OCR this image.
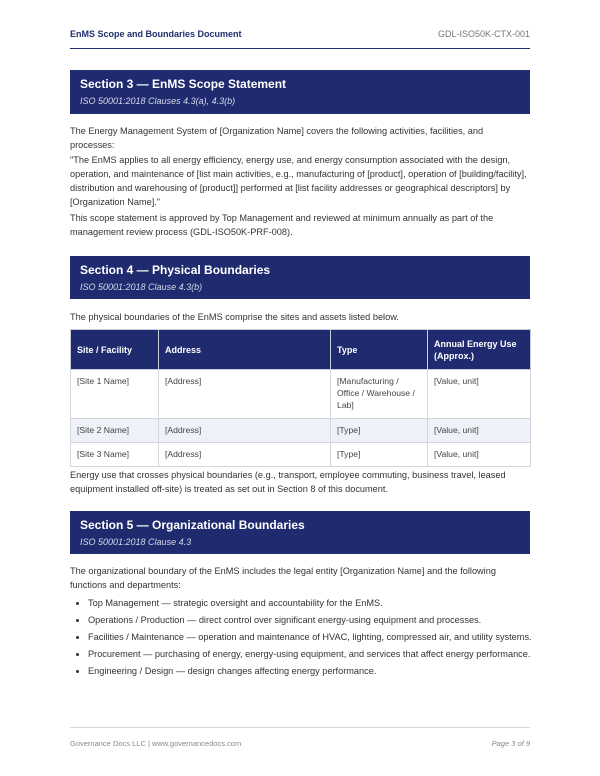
EnMS Scope and Boundaries Document	GDL-ISO50K-CTX-001
Section 3 — EnMS Scope Statement
ISO 50001:2018 Clauses 4.3(a), 4.3(b)

The Energy Management System of [Organization Name] covers the following activities, facilities, and processes:

"The EnMS applies to all energy efficiency, energy use, and energy consumption associated with the design, operation, and maintenance of [list main activities, e.g., manufacturing of [product], operation of [building/facility], distribution and warehousing of [product]] performed at [list facility addresses or geographical descriptors] by [Organization Name]."

This scope statement is approved by Top Management and reviewed at minimum annually as part of the management review process (GDL-ISO50K-PRF-008).

Section 4 — Physical Boundaries
ISO 50001:2018 Clause 4.3(b)

The physical boundaries of the EnMS comprise the sites and assets listed below.

Site / Facility	Address	Type	Annual Energy Use (Approx.)
[Site 1 Name]	[Address]	[Manufacturing / Office / Warehouse / Lab]	[Value, unit]
[Site 2 Name]	[Address]	[Type]	[Value, unit]
[Site 3 Name]	[Address]	[Type]	[Value, unit]

Energy use that crosses physical boundaries (e.g., transport, employee commuting, business travel, leased equipment installed off-site) is treated as set out in Section 8 of this document.

Section 5 — Organizational Boundaries
ISO 50001:2018 Clause 4.3

The organizational boundary of the EnMS includes the legal entity [Organization Name] and the following functions and departments:

• Top Management — strategic oversight and accountability for the EnMS.
• Operations / Production — direct control over significant energy-using equipment and processes.
• Facilities / Maintenance — operation and maintenance of HVAC, lighting, compressed air, and utility systems.
• Procurement — purchasing of energy, energy-using equipment, and services that affect energy performance.
• Engineering / Design — design changes affecting energy performance.
Governance Docs LLC | www.governancedocs.com	Page 3 of 9
